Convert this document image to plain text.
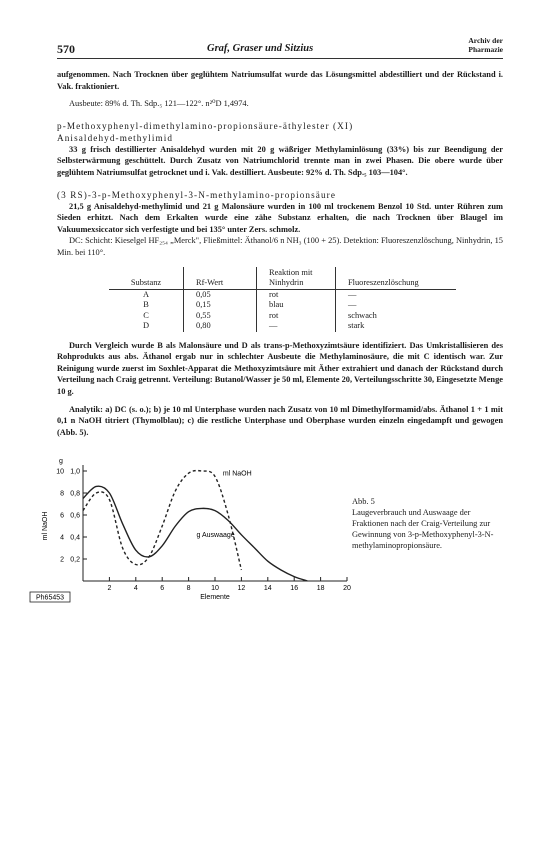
570	Graf, Graser und Sitzius
Archiv der
Pharmazie

aufgenommen. Nach Trocknen über geglühtem Natriumsulfat wurde das Lösungsmittel abdestilliert und der Rückstand i. Vak. fraktioniert.

Ausbeute: 89% d. Th. Sdp.₅ 121—122°. n²⁰D 1,4974.

p-Methoxyphenyl-dimethylamino-propionsäure-äthylester (XI)
Anisaldehyd-methylimid

33 g frisch destillierter Anisaldehyd wurden mit 20 g wäßriger Methylaminlösung (33%) bis zur Beendigung der Selbsterwärmung geschüttelt. Durch Zusatz von Natriumchlorid trennte man in zwei Phasen. Die obere wurde über geglühtem Natriumsulfat getrocknet und i. Vak. destilliert. Ausbeute: 92% d. Th. Sdp.₅ 103—104°.

(3 RS)-3-p-Methoxyphenyl-3-N-methylamino-propionsäure

21,5 g Anisaldehyd-methylimid und 21 g Malonsäure wurden in 100 ml trockenem Benzol 10 Std. unter Rühren zum Sieden erhitzt. Nach dem Erkalten wurde eine zähe Substanz erhalten, die nach Trocknen über Blaugel im Vakuumexsiccator sich verfestigte und bei 135° unter Zers. schmolz.

DC: Schicht: Kieselgel HF₂₅₄ „Merck", Fließmittel: Äthanol/6 n NH₃ (100 + 25). Detektion: Fluoreszenzlöschung, Ninhydrin, 15 Min. bei 110°.

Substanz	Rf-Wert	Reaktion mit Ninhydrin	Fluoreszenzlöschung
A	0,05	rot	—
B	0,15	blau	—
C	0,55	rot	schwach
D	0,80	—	stark

Durch Vergleich wurde B als Malonsäure und D als trans-p-Methoxyzimtsäure identifiziert. Das Umkristallisieren des Rohprodukts aus abs. Äthanol ergab nur in schlechter Ausbeute die Methylaminosäure, die mit C identisch war. Zur Reinigung wurde zuerst im Soxhlet-Apparat die Methoxyzimtsäure mit Äther extrahiert und danach der Rückstand durch Verteilung nach Craig getrennt. Verteilung: Butanol/Wasser je 50 ml, Elemente 20, Verteilungsschritte 30, Eingesetzte Menge 10 g.

Analytik: a) DC (s. o.); b) je 10 ml Unterphase wurden nach Zusatz von 10 ml Dimethylformamid/abs. Äthanol 1 + 1 mit 0,1 n NaOH titriert (Thymolblau); c) die restliche Unterphase und Oberphase wurden einzeln eingedampft und gewogen (Abb. 5).

2	4	6	8	10	12	14	16	18	20
1,0
10
0,8
8
0,6
6
0,4
4
0,2
2
g
ml NaOH
Elemente
Ph65453
ml NaOH
g Auswaage
Abb. 5
Laugeverbrauch und Auswaage der Fraktionen nach der Craig-Verteilung zur Gewinnung von 3-p-Methoxyphenyl-3-N-methylaminopropionsäure.
